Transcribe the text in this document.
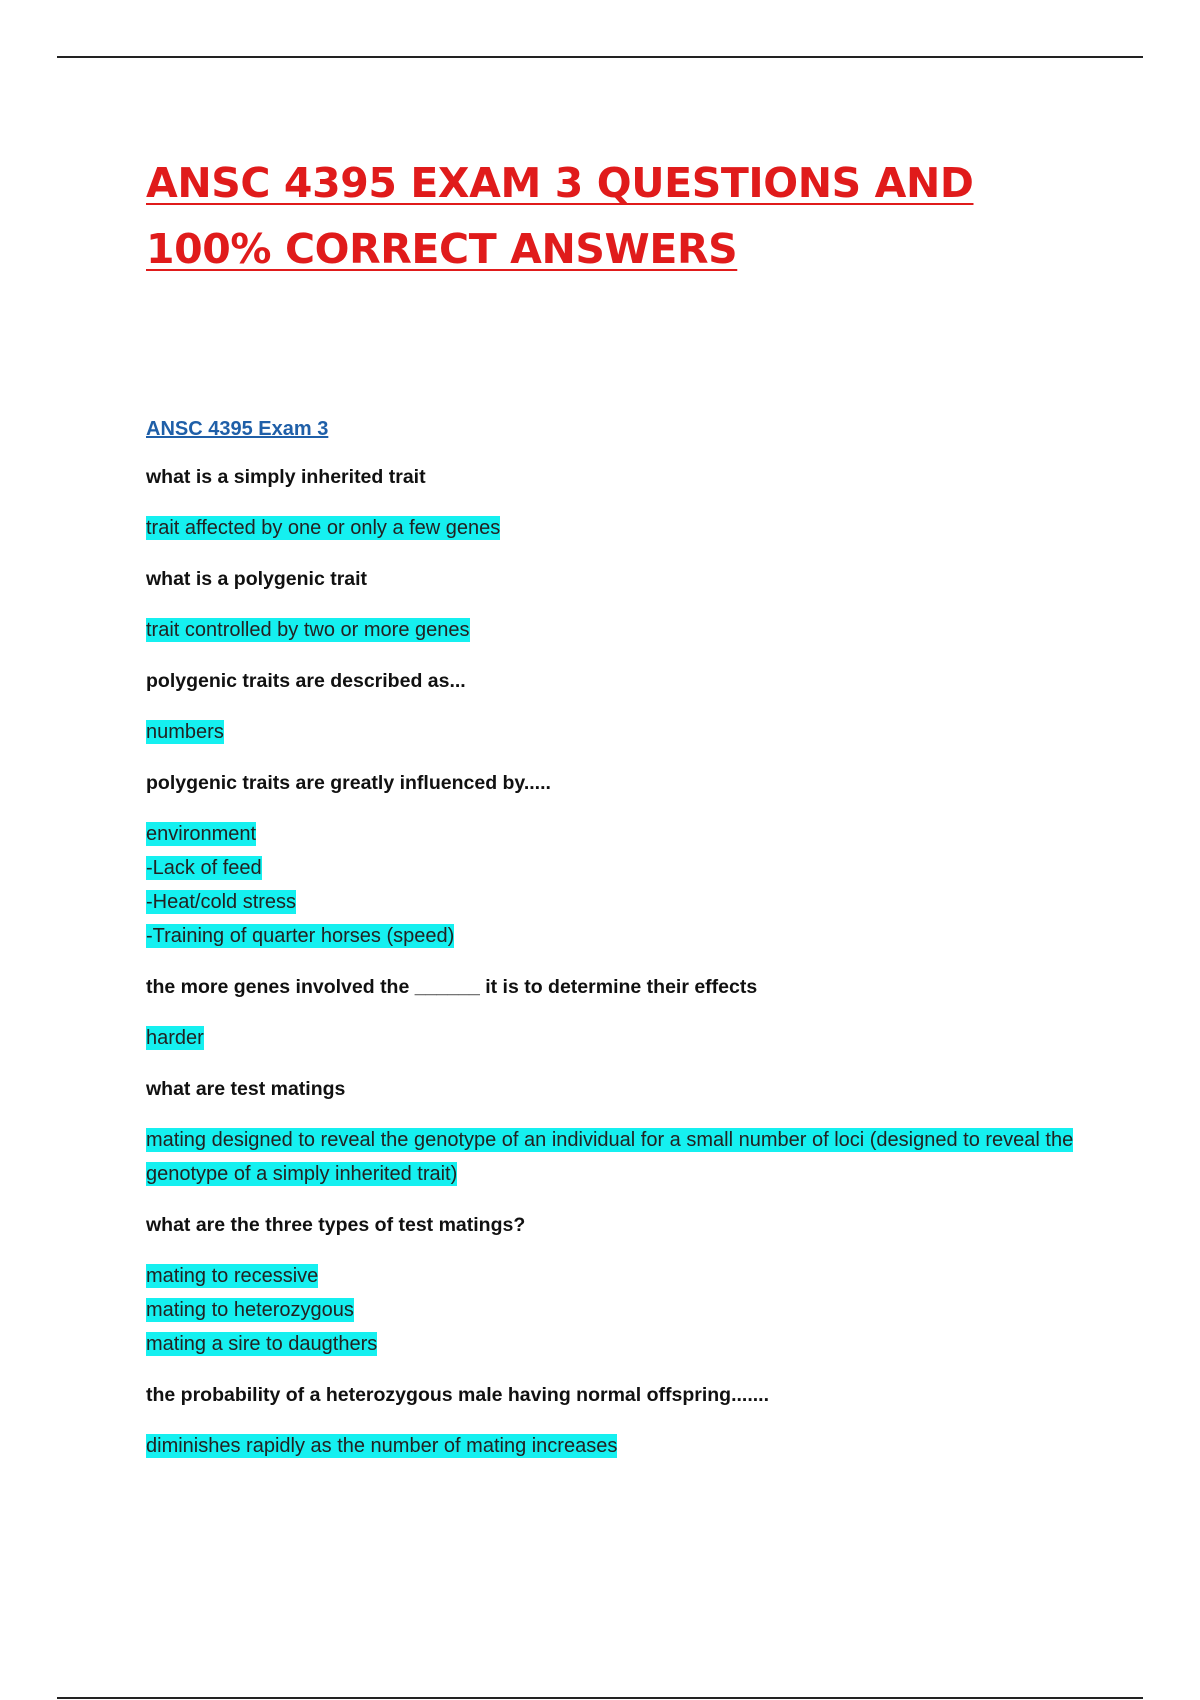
ANSC 4395 EXAM 3 QUESTIONS AND
100% CORRECT ANSWERS
ANSC 4395 Exam 3
what is a simply inherited trait
trait affected by one or only a few genes
what is a polygenic trait
trait controlled by two or more genes
polygenic traits are described as...
numbers
polygenic traits are greatly influenced by.....
environment
-Lack of feed
-Heat/cold stress
-Training of quarter horses (speed)
the more genes involved the ______ it is to determine their effects
harder
what are test matings
mating designed to reveal the genotype of an individual for a small number of loci (designed to reveal the genotype of a simply inherited trait)
what are the three types of test matings?
mating to recessive
mating to heterozygous
mating a sire to daugthers
the probability of a heterozygous male having normal offspring.......
diminishes rapidly as the number of mating increases
